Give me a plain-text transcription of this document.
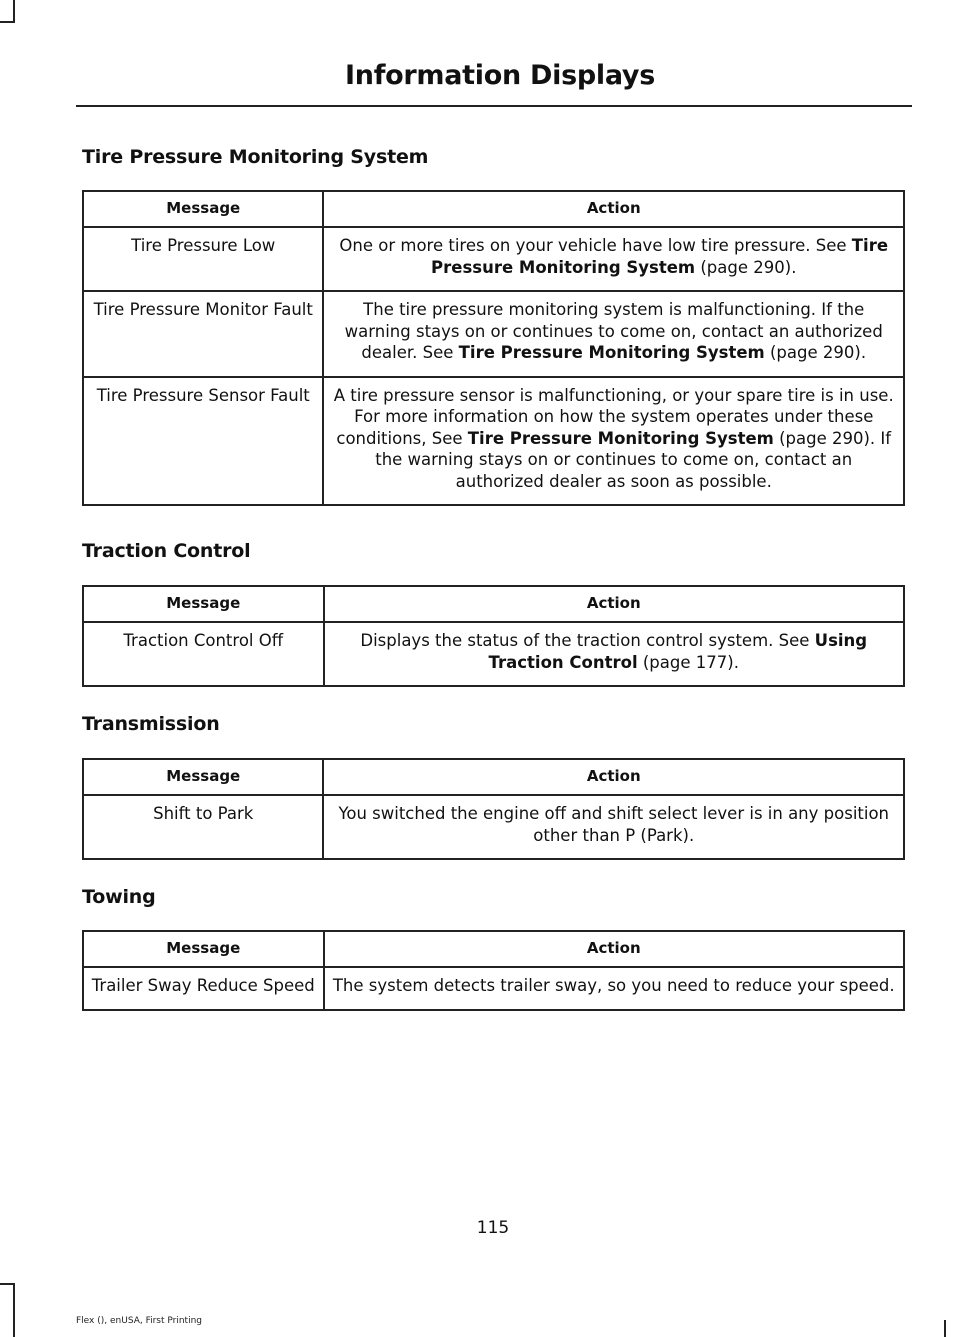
Information Displays
Tire Pressure Monitoring System
Message	Action
Tire Pressure Low	One or more tires on your vehicle have low tire pressure. See Tire Pressure Monitoring System (page 290).
Tire Pressure Monitor Fault	The tire pressure monitoring system is malfunctioning. If the warning stays on or continues to come on, contact an authorized dealer. See Tire Pressure Monitoring System (page 290).
Tire Pressure Sensor Fault	A tire pressure sensor is malfunctioning, or your spare tire is in use. For more information on how the system operates under these conditions, See Tire Pressure Monitoring System (page 290). If the warning stays on or continues to come on, contact an authorized dealer as soon as possible.
Traction Control
Message	Action
Traction Control Off	Displays the status of the traction control system. See Using Traction Control (page 177).
Transmission
Message	Action
Shift to Park	You switched the engine off and shift select lever is in any position other than P (Park).
Towing
Message	Action
Trailer Sway Reduce Speed	The system detects trailer sway, so you need to reduce your speed.
115
Flex (), enUSA, First Printing
